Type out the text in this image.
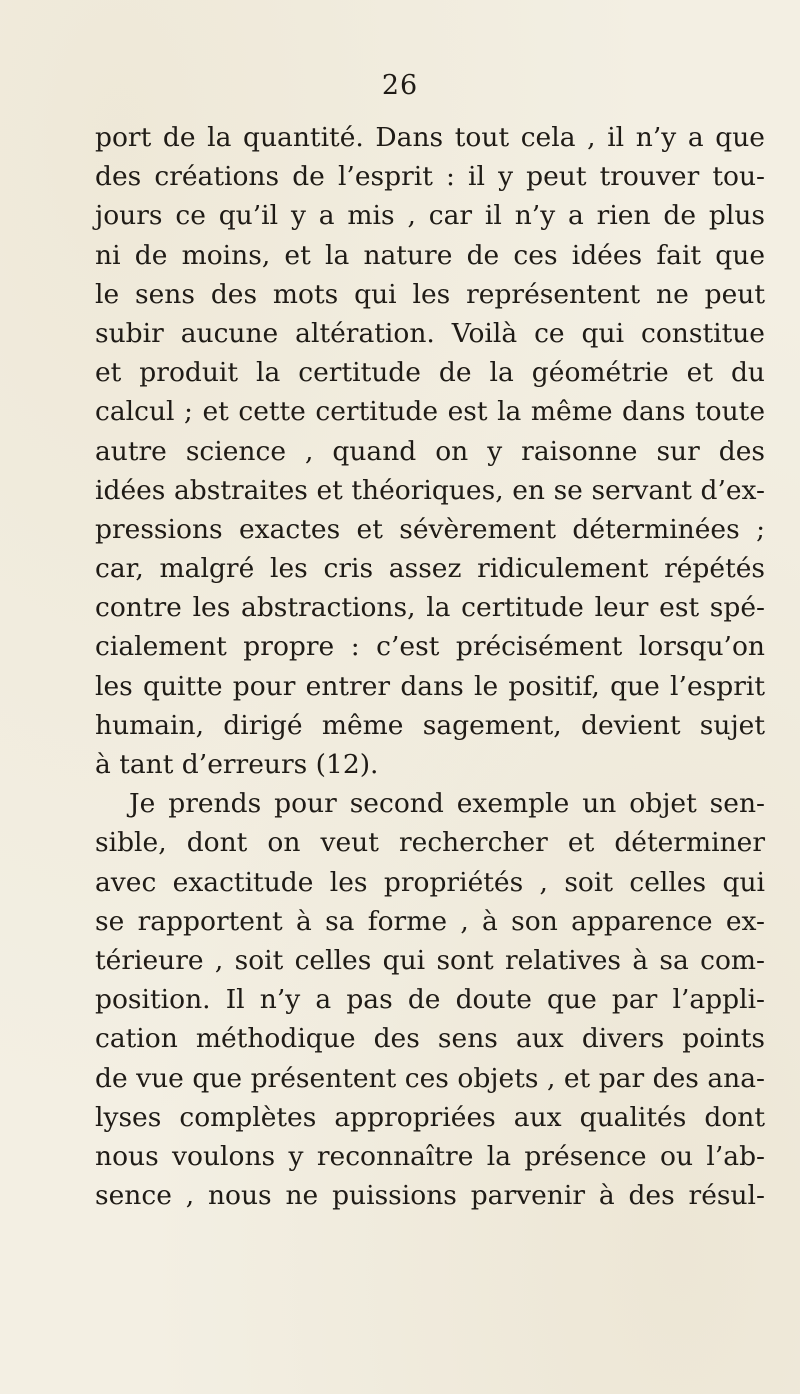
26
port de la quantité. Dans tout cela , il n’y a que
des créations de l’esprit : il y peut trouver tou-
jours ce qu’il y a mis , car il n’y a rien de plus
ni de moins, et la nature de ces idées fait que
le sens des mots qui les représentent ne peut
subir aucune altération. Voilà ce qui constitue
et produit la certitude de la géométrie et du
calcul ; et cette certitude est la même dans toute
autre science , quand on y raisonne sur des
idées abstraites et théoriques, en se servant d’ex-
pressions exactes et sévèrement déterminées ;
car, malgré les cris assez ridiculement répétés
contre les abstractions, la certitude leur est spé-
cialement propre : c’est précisément lorsqu’on
les quitte pour entrer dans le positif, que l’esprit
humain, dirigé même sagement, devient sujet
à tant d’erreurs (12).
Je prends pour second exemple un objet sen-
sible, dont on veut rechercher et déterminer
avec exactitude les propriétés , soit celles qui
se rapportent à sa forme , à son apparence ex-
térieure , soit celles qui sont relatives à sa com-
position. Il n’y a pas de doute que par l’appli-
cation méthodique des sens aux divers points
de vue que présentent ces objets , et par des ana-
lyses complètes appropriées aux qualités dont
nous voulons y reconnaître la présence ou l’ab-
sence , nous ne puissions parvenir à des résul-
